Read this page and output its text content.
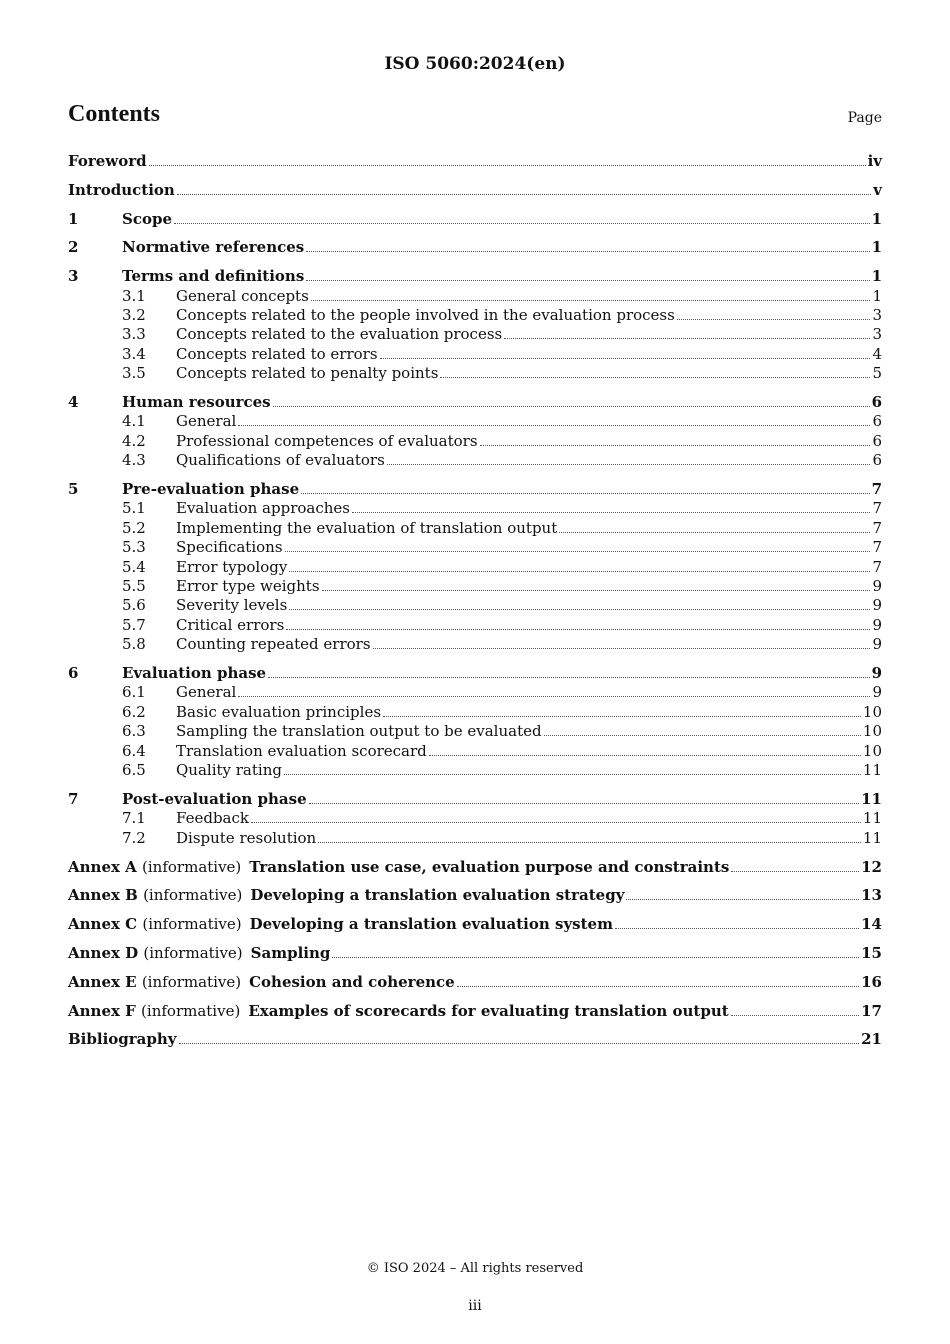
ISO 5060:2024(en)
Contents	Page
Foreword	iv
Introduction	v
1	Scope	1
2	Normative references	1
3	Terms and definitions	1
3.1	General concepts	1
3.2	Concepts related to the people involved in the evaluation process	3
3.3	Concepts related to the evaluation process	3
3.4	Concepts related to errors	4
3.5	Concepts related to penalty points	5
4	Human resources	6
4.1	General	6
4.2	Professional competences of evaluators	6
4.3	Qualifications of evaluators	6
5	Pre-evaluation phase	7
5.1	Evaluation approaches	7
5.2	Implementing the evaluation of translation output	7
5.3	Specifications	7
5.4	Error typology	7
5.5	Error type weights	9
5.6	Severity levels	9
5.7	Critical errors	9
5.8	Counting repeated errors	9
6	Evaluation phase	9
6.1	General	9
6.2	Basic evaluation principles	10
6.3	Sampling the translation output to be evaluated	10
6.4	Translation evaluation scorecard	10
6.5	Quality rating	11
7	Post-evaluation phase	11
7.1	Feedback	11
7.2	Dispute resolution	11
Annex A (informative) Translation use case, evaluation purpose and constraints	12
Annex B (informative) Developing a translation evaluation strategy	13
Annex C (informative) Developing a translation evaluation system	14
Annex D (informative) Sampling	15
Annex E (informative) Cohesion and coherence	16
Annex F (informative) Examples of scorecards for evaluating translation output	17
Bibliography	21
© ISO 2024 – All rights reserved
iii
